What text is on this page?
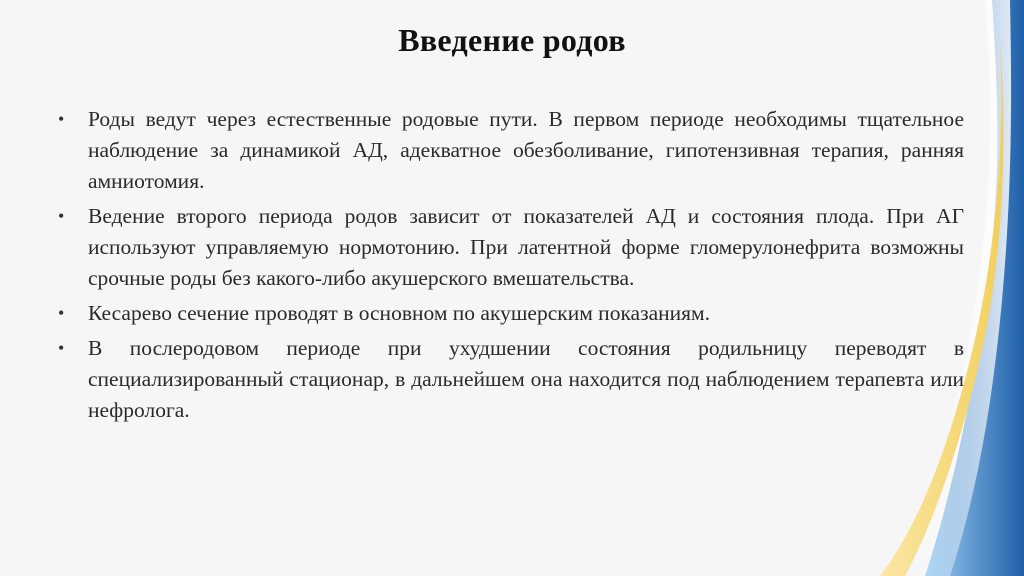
Введение родов
• Роды ведут через естественные родовые пути. В первом периоде необходимы тщательное наблюдение за динамикой АД, адекватное обезболивание, гипотензивная терапия, ранняя амниотомия.
• Ведение второго периода родов зависит от показателей АД и состояния плода. При АГ используют управляемую нормотонию. При латентной форме гломерулонефрита возможны срочные роды без какого-либо акушерского вмешательства.
• Кесарево сечение проводят в основном по акушерским показаниям.
• В послеродовом периоде при ухудшении состояния родильницу переводят в специализированный стационар, в дальнейшем она находится под наблюдением терапевта или нефролога.
